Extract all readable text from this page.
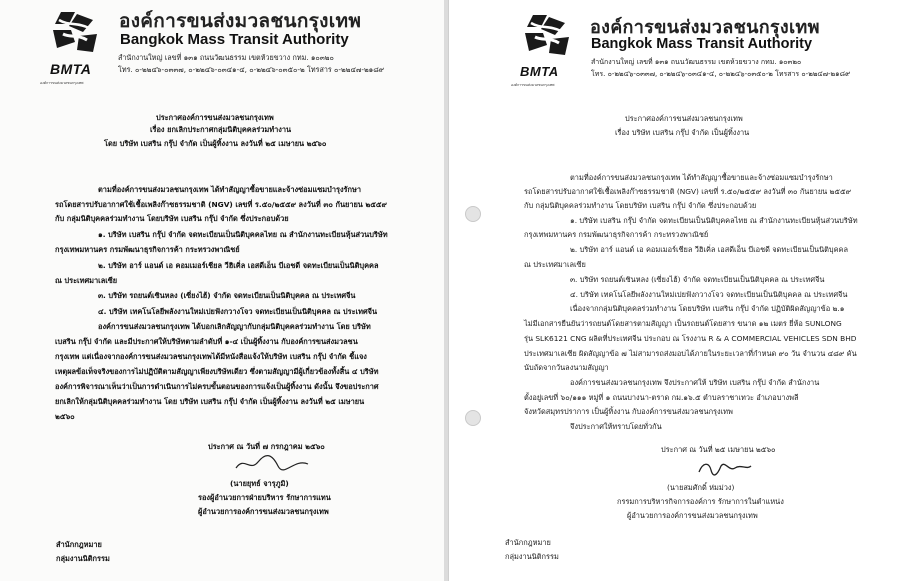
BMTA
องค์การขนส่งมวลชนกรุงเทพ
องค์การขนส่งมวลชนกรุงเทพ
Bangkok Mass Transit Authority
สำนักงานใหญ่ เลขที่ ๑๓๑ ถนนวัฒนธรรม เขตห้วยขวาง กทม. ๑๐๓๒๐
โทร. ๐-๒๒๔๖-๐๓๓๗, ๐-๒๒๔๖-๐๓๔๑-๔, ๐-๒๒๔๖-๐๓๕๐-๒ โทรสาร ๐-๒๒๔๗-๒๑๘๙
ประกาศองค์การขนส่งมวลชนกรุงเทพ
เรื่อง ยกเลิกประกาศกลุ่มนิติบุคคลร่วมทำงาน
โดย บริษัท เบสริน กรุ๊ป จำกัด เป็นผู้ทิ้งงาน ลงวันที่ ๒๕ เมษายน ๒๕๖๐
ตามที่องค์การขนส่งมวลชนกรุงเทพ ได้ทำสัญญาซื้อขายและจ้างซ่อมแซมบำรุงรักษา
รถโดยสารปรับอากาศใช้เชื้อเพลิงก๊าซธรรมชาติ (NGV) เลขที่ ร.๕๐/๒๕๕๙ ลงวันที่ ๓๐ กันยายน ๒๕๕๙
กับ กลุ่มนิติบุคคลร่วมทำงาน โดยบริษัท เบสริน กรุ๊ป จำกัด ซึ่งประกอบด้วย
๑. บริษัท เบสริน กรุ๊ป จำกัด จดทะเบียนเป็นนิติบุคคลไทย ณ สำนักงานทะเบียนหุ้นส่วนบริษัท
กรุงเทพมหานคร กรมพัฒนาธุรกิจการค้า กระทรวงพาณิชย์
๒. บริษัท อาร์ แอนด์ เอ คอมเมอร์เชียล วีฮิเคิ่ล เอสดีเอ็น บีเอชดี จดทะเบียนเป็นนิติบุคคล
ณ ประเทศมาเลเซีย
๓. บริษัท รถยนต์เซินหลง (เซี่ยงไฮ้) จำกัด จดทะเบียนเป็นนิติบุคคล ณ ประเทศจีน
๔. บริษัท เทคโนโลยีพลังงานใหม่เปยฟังกวางโจว จดทะเบียนเป็นนิติบุคคล ณ ประเทศจีน
องค์การขนส่งมวลชนกรุงเทพ ได้บอกเลิกสัญญากับกลุ่มนิติบุคคลร่วมทำงาน โดย บริษัท
เบสริน กรุ๊ป จำกัด และมีประกาศให้บริษัทตามลำดับที่ ๑-๔ เป็นผู้ทิ้งงาน กับองค์การขนส่งมวลชน
กรุงเทพ แต่เนื่องจากองค์การขนส่งมวลชนกรุงเทพได้มีหนังสือแจ้งให้บริษัท เบสริน กรุ๊ป จำกัด ชี้แจง
เหตุผลข้อเท็จจริงของการไม่ปฏิบัติตามสัญญาเพียงบริษัทเดียว ซึ่งตามสัญญามีผู้เกี่ยวข้องทั้งสิ้น ๔ บริษัท
องค์การพิจารณาเห็นว่าเป็นการดำเนินการไม่ครบขั้นตอนของการแจ้งเป็นผู้ทิ้งงาน ดังนั้น จึงขอประกาศ
ยกเลิกให้กลุ่มนิติบุคคลร่วมทำงาน โดย บริษัท เบสริน กรุ๊ป จำกัด เป็นผู้ทิ้งงาน ลงวันที่ ๒๕ เมษายน
๒๕๖๐
ประกาศ ณ วันที่ ๗ กรกฎาคม ๒๕๖๐
(นายยุทธ์ จารุภูมิ)
รองผู้อำนวยการฝ่ายบริหาร รักษาการแทน
ผู้อำนวยการองค์การขนส่งมวลชนกรุงเทพ
สำนักกฎหมาย
กลุ่มงานนิติกรรม
BMTA
องค์การขนส่งมวลชนกรุงเทพ
องค์การขนส่งมวลชนกรุงเทพ
Bangkok Mass Transit Authority
สำนักงานใหญ่ เลขที่ ๑๓๑ ถนนวัฒนธรรม เขตห้วยขวาง กทม. ๑๐๓๒๐
โทร. ๐-๒๒๔๖-๐๓๓๗, ๐-๒๒๔๖-๐๓๔๑-๔, ๐-๒๒๔๖-๐๓๕๐-๒ โทรสาร ๐-๒๒๔๗-๒๑๘๙
ประกาศองค์การขนส่งมวลชนกรุงเทพ
เรื่อง บริษัท เบสริน กรุ๊ป จำกัด เป็นผู้ทิ้งงาน
ตามที่องค์การขนส่งมวลชนกรุงเทพ ได้ทำสัญญาซื้อขายและจ้างซ่อมแซมบำรุงรักษา
รถโดยสารปรับอากาศใช้เชื้อเพลิงก๊าซธรรมชาติ (NGV) เลขที่ ร.๕๐/๒๕๕๙ ลงวันที่ ๓๐ กันยายน ๒๕๕๙
กับ กลุ่มนิติบุคคลร่วมทำงาน โดยบริษัท เบสริน กรุ๊ป จำกัด ซึ่งประกอบด้วย
๑. บริษัท เบสริน กรุ๊ป จำกัด จดทะเบียนเป็นนิติบุคคลไทย ณ สำนักงานทะเบียนหุ้นส่วนบริษัท
กรุงเทพมหานคร กรมพัฒนาธุรกิจการค้า กระทรวงพาณิชย์
๒. บริษัท อาร์ แอนด์ เอ คอมเมอร์เชียล วีฮิเคิ่ล เอสดีเอ็น บีเอชดี จดทะเบียนเป็นนิติบุคคล
ณ ประเทศมาเลเซีย
๓. บริษัท รถยนต์เซินหลง (เซี่ยงไฮ้) จำกัด จดทะเบียนเป็นนิติบุคคล ณ ประเทศจีน
๔. บริษัท เทคโนโลยีพลังงานใหม่เปยฟังกวางโจว จดทะเบียนเป็นนิติบุคคล ณ ประเทศจีน
เนื่องจากกลุ่มนิติบุคคลร่วมทำงาน โดยบริษัท เบสริน กรุ๊ป จำกัด ปฏิบัติผิดสัญญาข้อ ๒.๑
ไม่มีเอกสารยืนยันว่ารถยนต์โดยสารตามสัญญา เป็นรถยนต์โดยสาร ขนาด ๑๒ เมตร ยี่ห้อ SUNLONG
รุ่น SLK6121 CNG ผลิตที่ประเทศจีน ประกอบ ณ โรงงาน R & A COMMERCIAL VEHICLES SDN BHD
ประเทศมาเลเซีย ผิดสัญญาข้อ ๗ ไม่สามารถส่งมอบได้ภายในระยะเวลาที่กำหนด ๙๐ วัน จำนวน ๔๘๙ คัน
นับถัดจากวันลงนามสัญญา
องค์การขนส่งมวลชนกรุงเทพ จึงประกาศให้ บริษัท เบสริน กรุ๊ป จำกัด สำนักงาน
ตั้งอยู่เลขที่ ๖๐/๑๑๑ หมู่ที่ ๑ ถนนบางนา-ตราด กม.๑๖.๕ ตำบลราชาเทวะ อำเภอบางพลี
จังหวัดสมุทรปราการ เป็นผู้ทิ้งงาน กับองค์การขนส่งมวลชนกรุงเทพ
จึงประกาศให้ทราบโดยทั่วกัน
ประกาศ ณ วันที่ ๒๕ เมษายน ๒๕๖๐
(นายสมศักดิ์ ห่มม่วง)
กรรมการบริหารกิจการองค์การ รักษาการในตำแหน่ง
ผู้อำนวยการองค์การขนส่งมวลชนกรุงเทพ
สำนักกฎหมาย
กลุ่มงานนิติกรรม
